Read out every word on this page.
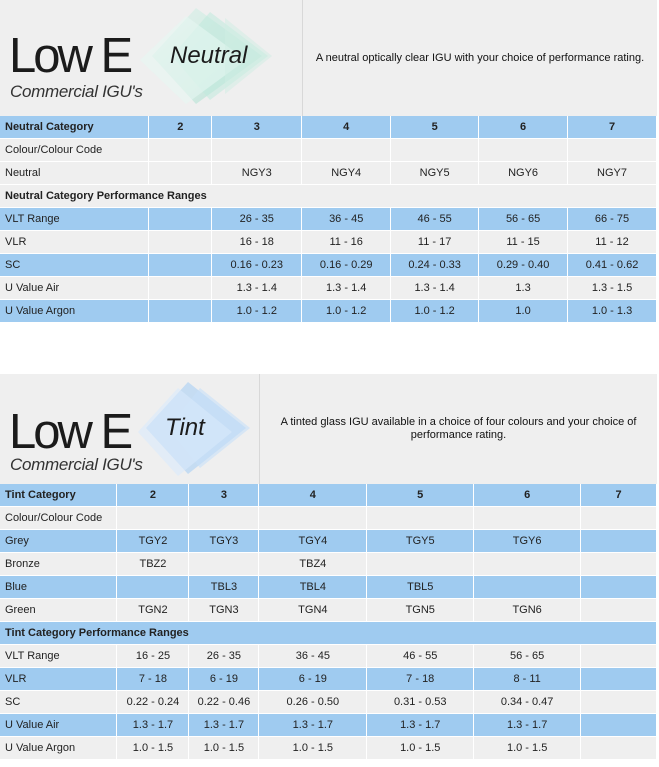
Low E
Commercial IGU's
Neutral	A neutral optically clear IGU with your choice of performance rating.
Neutral Category	2	3	4	5	6	7
Colour/Colour Code						
Neutral		NGY3	NGY4	NGY5	NGY6	NGY7
Neutral Category Performance Ranges						
VLT Range		26 - 35	36 - 45	46 - 55	56 - 65	66 - 75
VLR		16 - 18	11 - 16	11 - 17	11 - 15	11 - 12
SC		0.16 - 0.23	0.16 - 0.29	0.24 - 0.33	0.29 - 0.40	0.41 - 0.62
U Value Air		1.3 - 1.4	1.3 - 1.4	1.3 - 1.4	1.3	1.3 - 1.5
U Value Argon		1.0 - 1.2	1.0 - 1.2	1.0 - 1.2	1.0	1.0 - 1.3
Low E
Commercial IGU's
Tint	A tinted glass IGU available in a choice of four colours and your choice of performance rating.
Tint Category	2	3	4	5	6	7
Colour/Colour Code						
Grey	TGY2	TGY3	TGY4	TGY5	TGY6	
Bronze	TBZ2		TBZ4			
Blue		TBL3	TBL4	TBL5		
Green	TGN2	TGN3	TGN4	TGN5	TGN6	
Tint Category Performance Ranges						
VLT Range	16 - 25	26 - 35	36 - 45	46 - 55	56 - 65	
VLR	7 - 18	6 - 19	6 - 19	7 - 18	8 - 11	
SC	0.22 - 0.24	0.22 - 0.46	0.26 - 0.50	0.31 - 0.53	0.34 - 0.47	
U Value Air	1.3 - 1.7	1.3 - 1.7	1.3 - 1.7	1.3 - 1.7	1.3 - 1.7	
U Value Argon	1.0 - 1.5	1.0 - 1.5	1.0 - 1.5	1.0 - 1.5	1.0 - 1.5	
